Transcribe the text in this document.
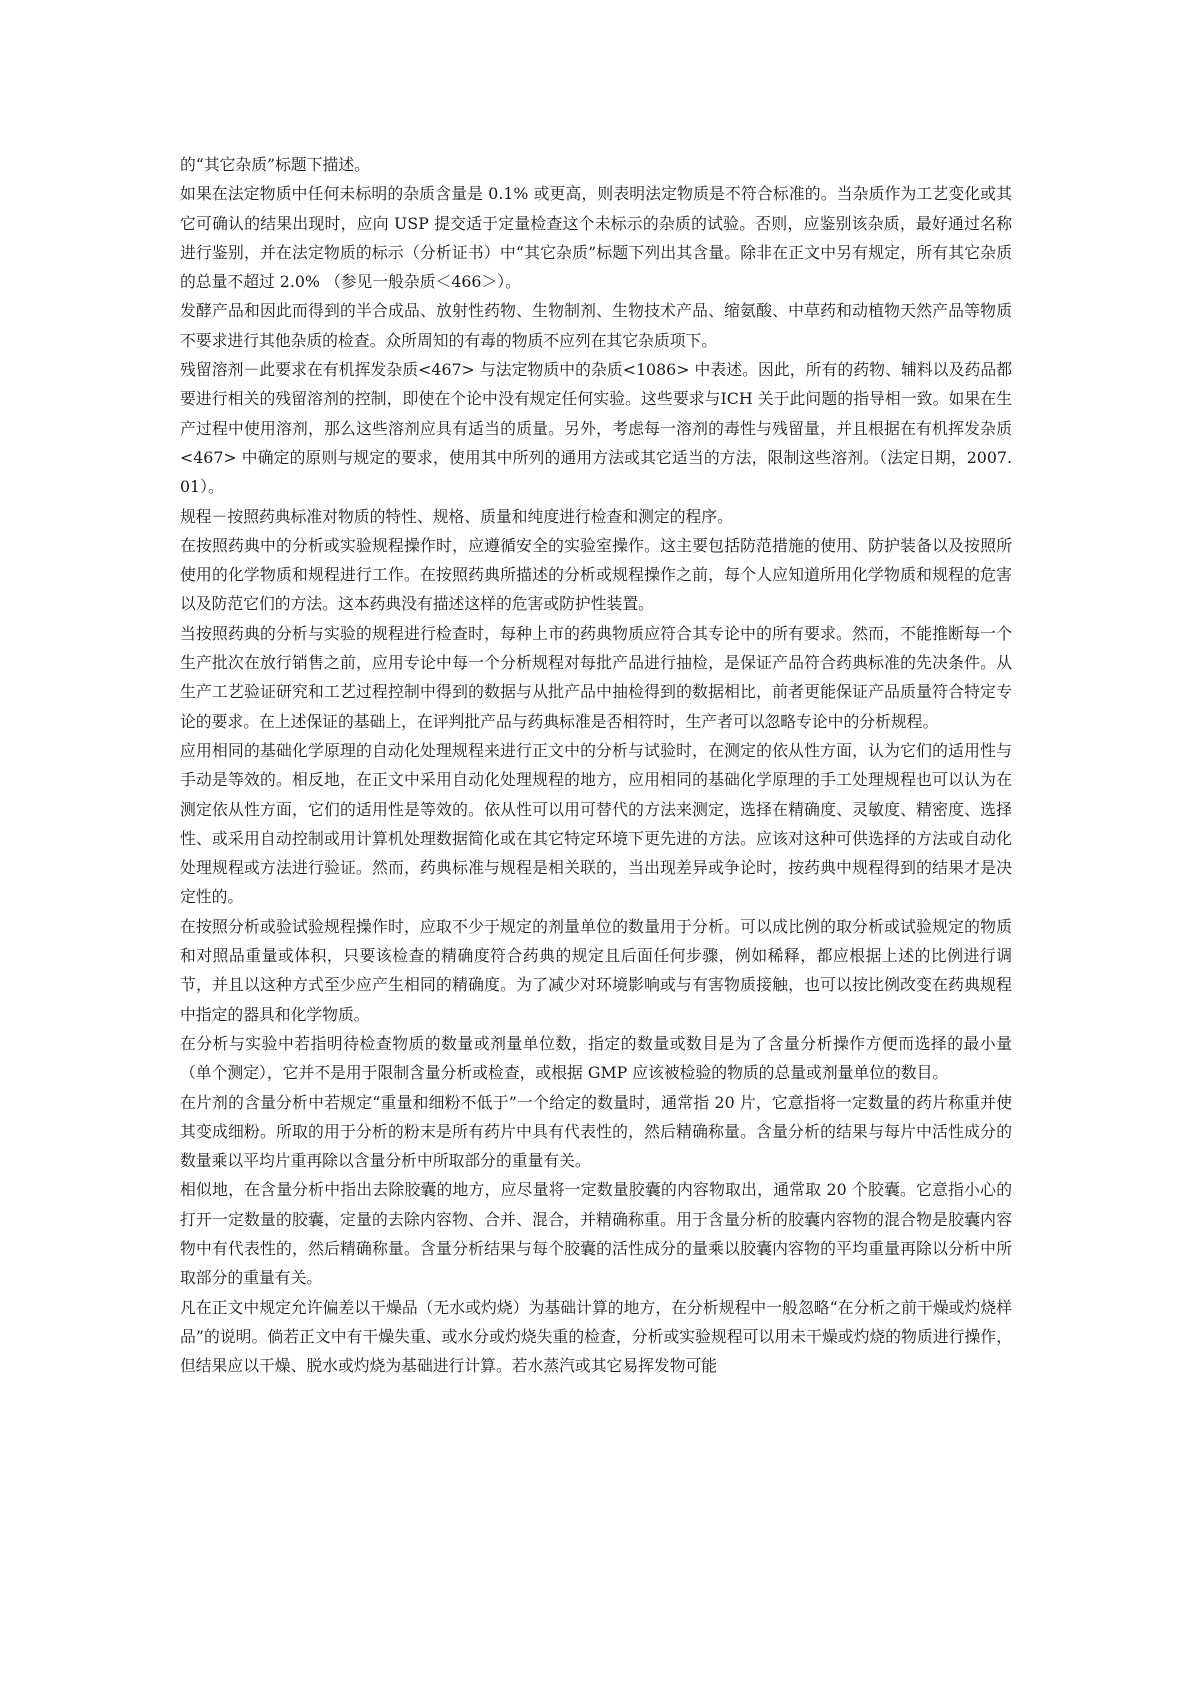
的“其它杂质”标题下描述。

如果在法定物质中任何未标明的杂质含量是 0.1% 或更高，则表明法定物质是不符合标准的。当杂质作为工艺变化或其它可确认的结果出现时，应向 USP 提交适于定量检查这个未标示的杂质的试验。否则，应鉴别该杂质，最好通过名称进行鉴别，并在法定物质的标示（分析证书）中“其它杂质”标题下列出其含量。除非在正文中另有规定，所有其它杂质的总量不超过 2.0% （参见一般杂质＜466＞）。

发酵产品和因此而得到的半合成品、放射性药物、生物制剂、生物技术产品、缩氨酸、中草药和动植物天然产品等物质不要求进行其他杂质的检查。众所周知的有毒的物质不应列在其它杂质项下。

残留溶剂－此要求在有机挥发杂质<467> 与法定物质中的杂质<1086> 中表述。因此，所有的药物、辅料以及药品都要进行相关的残留溶剂的控制，即使在个论中没有规定任何实验。这些要求与ICH 关于此问题的指导相一致。如果在生产过程中使用溶剂，那么这些溶剂应具有适当的质量。另外，考虑每一溶剂的毒性与残留量，并且根据在有机挥发杂质<467> 中确定的原则与规定的要求，使用其中所列的通用方法或其它适当的方法，限制这些溶剂。（法定日期，2007.01）。

规程－按照药典标准对物质的特性、规格、质量和纯度进行检查和测定的程序。

在按照药典中的分析或实验规程操作时，应遵循安全的实验室操作。这主要包括防范措施的使用、防护装备以及按照所使用的化学物质和规程进行工作。在按照药典所描述的分析或规程操作之前，每个人应知道所用化学物质和规程的危害以及防范它们的方法。这本药典没有描述这样的危害或防护性装置。

当按照药典的分析与实验的规程进行检查时，每种上市的药典物质应符合其专论中的所有要求。然而，不能推断每一个生产批次在放行销售之前，应用专论中每一个分析规程对每批产品进行抽检，是保证产品符合药典标准的先决条件。从生产工艺验证研究和工艺过程控制中得到的数据与从批产品中抽检得到的数据相比，前者更能保证产品质量符合特定专论的要求。在上述保证的基础上，在评判批产品与药典标准是否相符时，生产者可以忽略专论中的分析规程。

应用相同的基础化学原理的自动化处理规程来进行正文中的分析与试验时，在测定的依从性方面，认为它们的适用性与手动是等效的。相反地，在正文中采用自动化处理规程的地方，应用相同的基础化学原理的手工处理规程也可以认为在测定依从性方面，它们的适用性是等效的。依从性可以用可替代的方法来测定，选择在精确度、灵敏度、精密度、选择性、或采用自动控制或用计算机处理数据简化或在其它特定环境下更先进的方法。应该对这种可供选择的方法或自动化处理规程或方法进行验证。然而，药典标准与规程是相关联的，当出现差异或争论时，按药典中规程得到的结果才是决定性的。

在按照分析或验试验规程操作时，应取不少于规定的剂量单位的数量用于分析。可以成比例的取分析或试验规定的物质和对照品重量或体积，只要该检查的精确度符合药典的规定且后面任何步骤，例如稀释，都应根据上述的比例进行调节，并且以这种方式至少应产生相同的精确度。为了减少对环境影响或与有害物质接触，也可以按比例改变在药典规程中指定的器具和化学物质。

在分析与实验中若指明待检查物质的数量或剂量单位数，指定的数量或数目是为了含量分析操作方便而选择的最小量（单个测定），它并不是用于限制含量分析或检查，或根据 GMP 应该被检验的物质的总量或剂量单位的数目。

在片剂的含量分析中若规定“重量和细粉不低于”一个给定的数量时，通常指 20 片，它意指将一定数量的药片称重并使其变成细粉。所取的用于分析的粉末是所有药片中具有代表性的，然后精确称量。含量分析的结果与每片中活性成分的数量乘以平均片重再除以含量分析中所取部分的重量有关。

相似地，在含量分析中指出去除胶囊的地方，应尽量将一定数量胶囊的内容物取出，通常取 20 个胶囊。它意指小心的打开一定数量的胶囊，定量的去除内容物、合并、混合，并精确称重。用于含量分析的胶囊内容物的混合物是胶囊内容物中有代表性的，然后精确称量。含量分析结果与每个胶囊的活性成分的量乘以胶囊内容物的平均重量再除以分析中所取部分的重量有关。

凡在正文中规定允许偏差以干燥品（无水或灼烧）为基础计算的地方，在分析规程中一般忽略“在分析之前干燥或灼烧样品”的说明。倘若正文中有干燥失重、或水分或灼烧失重的检查，分析或实验规程可以用未干燥或灼烧的物质进行操作，但结果应以干燥、脱水或灼烧为基础进行计算。若水蒸汽或其它易挥发物可能
